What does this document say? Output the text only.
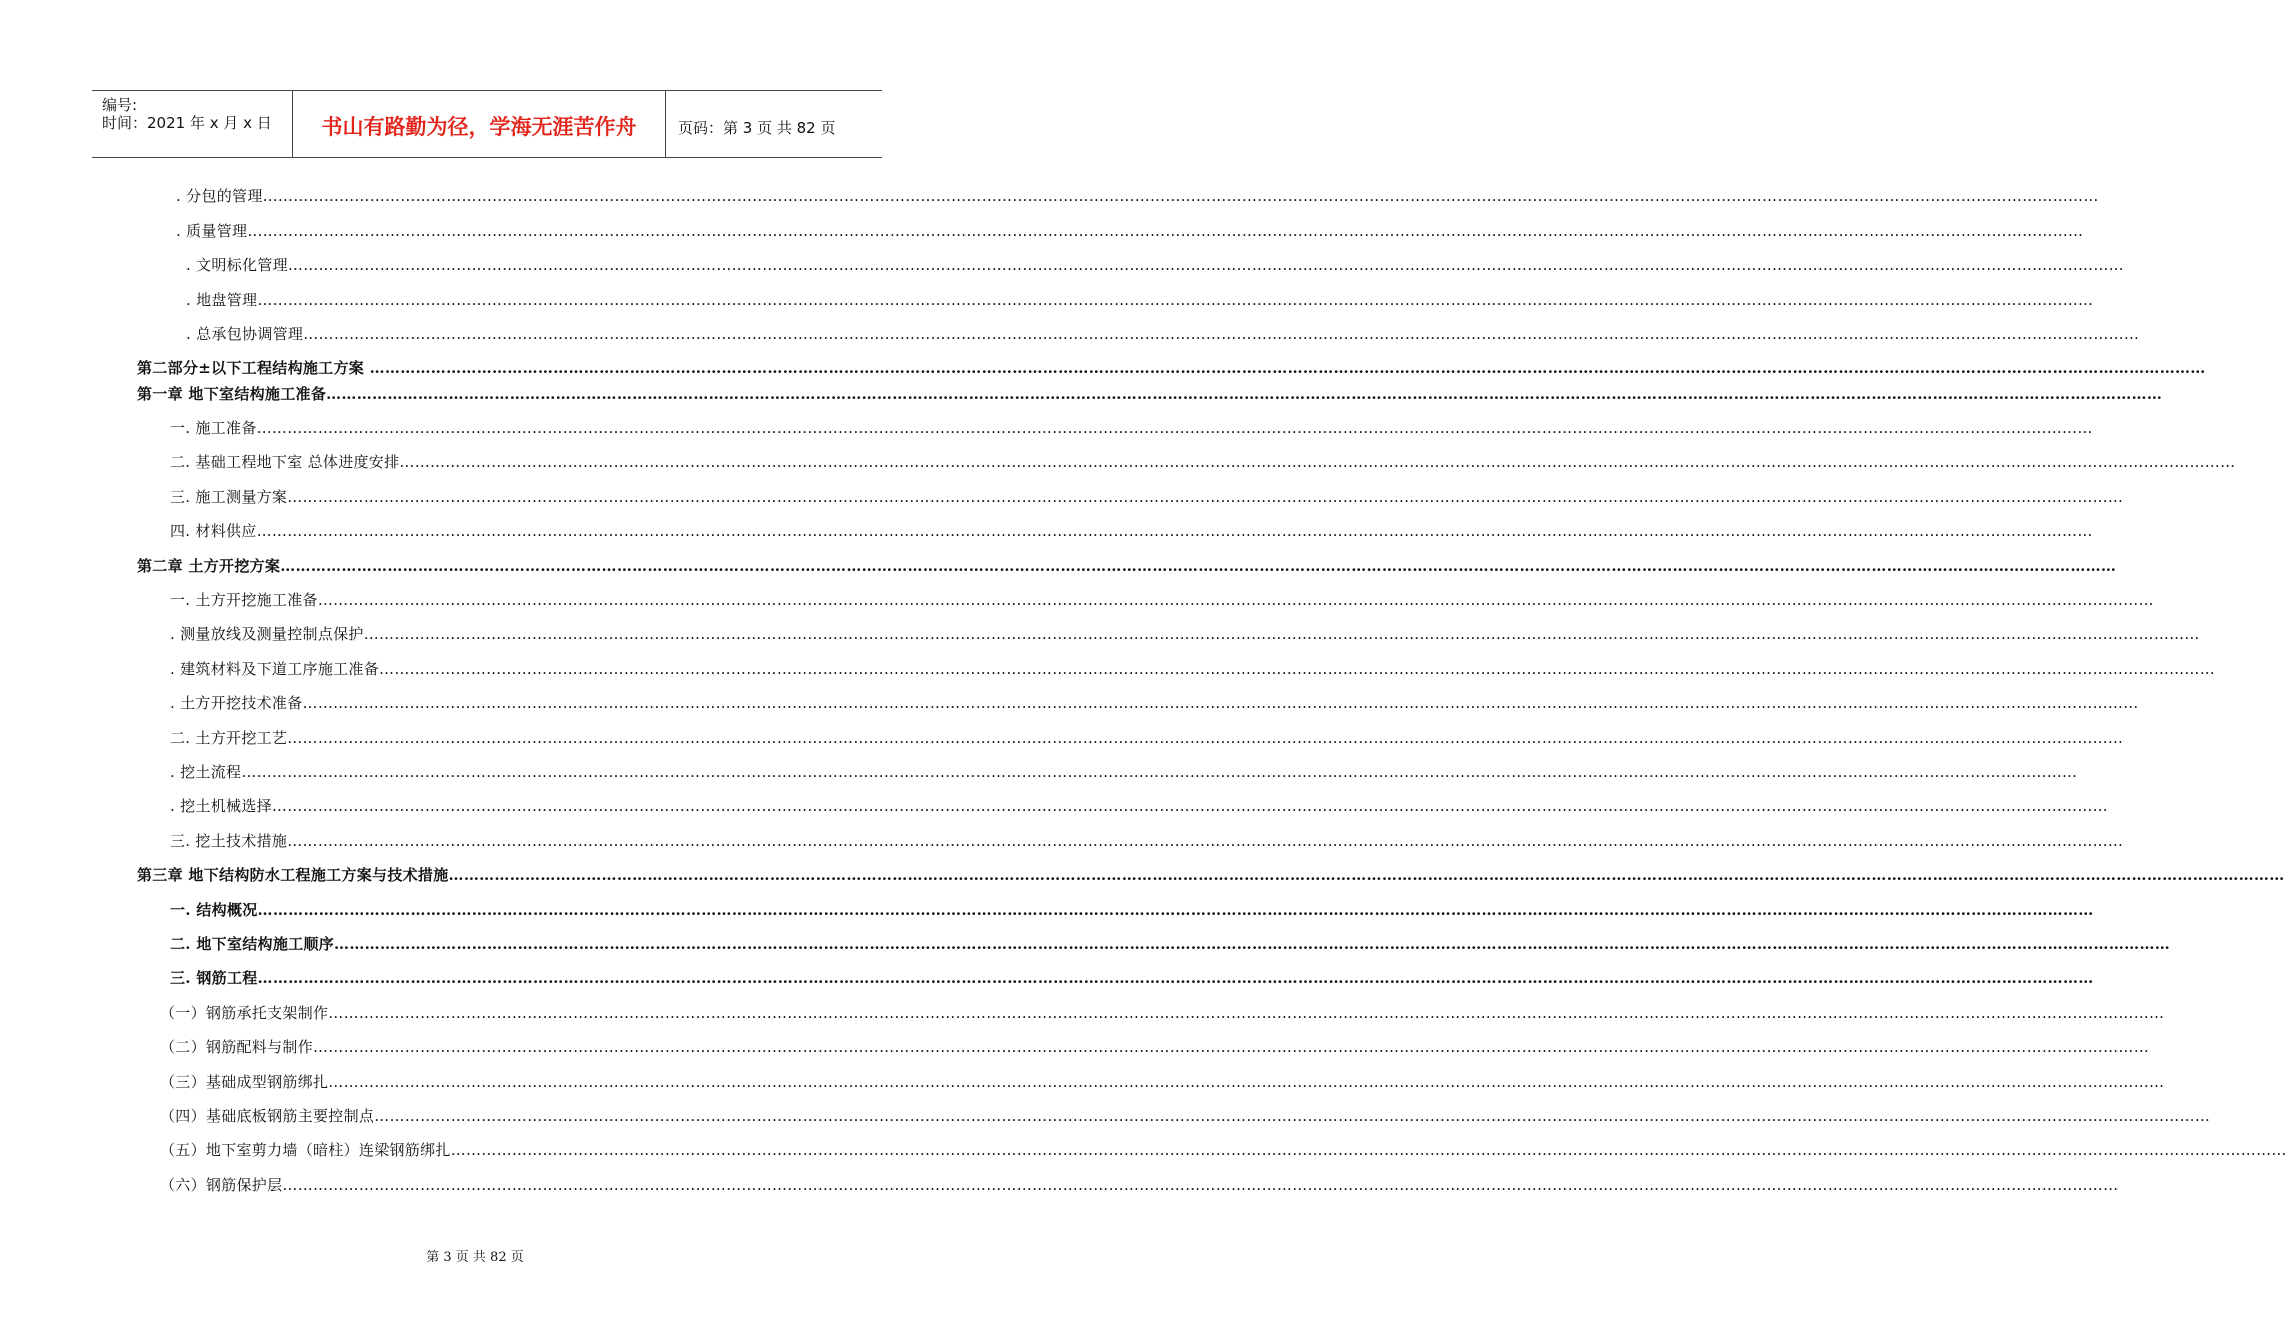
编号:
时间：2021 年 x 月 x 日	书山有路勤为径，学海无涯苦作舟	页码：第 3 页 共 82 页
. 分包的管理………………………………………………………………………………………………………………………………………………………………………………………………………………………………………………………………………………………………………………………………
. 质量管理………………………………………………………………………………………………………………………………………………………………………………………………………………………………………………………………………………………………………………………………
. 文明标化管理………………………………………………………………………………………………………………………………………………………………………………………………………………………………………………………………………………………………………………………………
. 地盘管理………………………………………………………………………………………………………………………………………………………………………………………………………………………………………………………………………………………………………………………………
. 总承包协调管理………………………………………………………………………………………………………………………………………………………………………………………………………………………………………………………………………………………………………………………………
第二部分±以下工程结构施工方案 ………………………………………………………………………………………………………………………………………………………………………………………………………………………………………………………………………………………………………………………………
第一章 地下室结构施工准备………………………………………………………………………………………………………………………………………………………………………………………………………………………………………………………………………………………………………………………………
一. 施工准备………………………………………………………………………………………………………………………………………………………………………………………………………………………………………………………………………………………………………………………………
二. 基础工程地下室 总体进度安排………………………………………………………………………………………………………………………………………………………………………………………………………………………………………………………………………………………………………………………………
三. 施工测量方案………………………………………………………………………………………………………………………………………………………………………………………………………………………………………………………………………………………………………………………………
四. 材料供应………………………………………………………………………………………………………………………………………………………………………………………………………………………………………………………………………………………………………………………………
第二章 土方开挖方案………………………………………………………………………………………………………………………………………………………………………………………………………………………………………………………………………………………………………………………………
一. 土方开挖施工准备………………………………………………………………………………………………………………………………………………………………………………………………………………………………………………………………………………………………………………………………
. 测量放线及测量控制点保护………………………………………………………………………………………………………………………………………………………………………………………………………………………………………………………………………………………………………………………………
. 建筑材料及下道工序施工准备………………………………………………………………………………………………………………………………………………………………………………………………………………………………………………………………………………………………………………………………
. 土方开挖技术准备………………………………………………………………………………………………………………………………………………………………………………………………………………………………………………………………………………………………………………………………
二. 土方开挖工艺………………………………………………………………………………………………………………………………………………………………………………………………………………………………………………………………………………………………………………………………
. 挖土流程………………………………………………………………………………………………………………………………………………………………………………………………………………………………………………………………………………………………………………………………
. 挖土机械选择………………………………………………………………………………………………………………………………………………………………………………………………………………………………………………………………………………………………………………………………
三. 挖土技术措施………………………………………………………………………………………………………………………………………………………………………………………………………………………………………………………………………………………………………………………………
第三章 地下结构防水工程施工方案与技术措施………………………………………………………………………………………………………………………………………………………………………………………………………………………………………………………………………………………………………………………………
一. 结构概况………………………………………………………………………………………………………………………………………………………………………………………………………………………………………………………………………………………………………………………………
二. 地下室结构施工顺序………………………………………………………………………………………………………………………………………………………………………………………………………………………………………………………………………………………………………………………………
三. 钢筋工程………………………………………………………………………………………………………………………………………………………………………………………………………………………………………………………………………………………………………………………………
（一）钢筋承托支架制作………………………………………………………………………………………………………………………………………………………………………………………………………………………………………………………………………………………………………………………………
（二）钢筋配料与制作………………………………………………………………………………………………………………………………………………………………………………………………………………………………………………………………………………………………………………………………
（三）基础成型钢筋绑扎………………………………………………………………………………………………………………………………………………………………………………………………………………………………………………………………………………………………………………………………
（四）基础底板钢筋主要控制点………………………………………………………………………………………………………………………………………………………………………………………………………………………………………………………………………………………………………………………………
（五）地下室剪力墙（暗柱）连梁钢筋绑扎………………………………………………………………………………………………………………………………………………………………………………………………………………………………………………………………………………………………………………………………
（六）钢筋保护层………………………………………………………………………………………………………………………………………………………………………………………………………………………………………………………………………………………………………………………………
第 3 页 共 82 页
